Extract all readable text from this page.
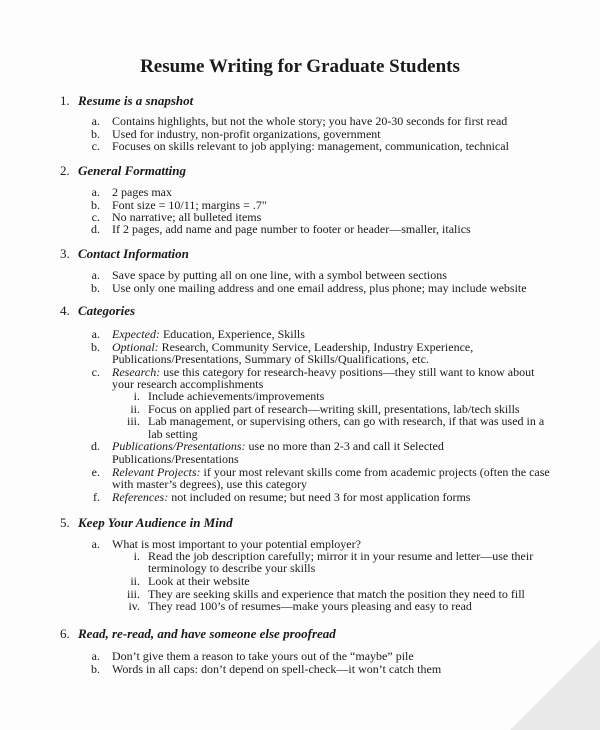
Resume Writing for Graduate Students
1. Resume is a snapshot
a. Contains highlights, but not the whole story; you have 20-30 seconds for first read
b. Used for industry, non-profit organizations, government
c. Focuses on skills relevant to job applying: management, communication, technical
2. General Formatting
a. 2 pages max
b. Font size = 10/11; margins = .7"
c. No narrative; all bulleted items
d. If 2 pages, add name and page number to footer or header—smaller, italics
3. Contact Information
a. Save space by putting all on one line, with a symbol between sections
b. Use only one mailing address and one email address, plus phone; may include website
4. Categories
a. Expected: Education, Experience, Skills
b. Optional: Research, Community Service, Leadership, Industry Experience,
Publications/Presentations, Summary of Skills/Qualifications, etc.
c. Research: use this category for research-heavy positions—they still want to know about
your research accomplishments
i. Include achievements/improvements
ii. Focus on applied part of research—writing skill, presentations, lab/tech skills
iii. Lab management, or supervising others, can go with research, if that was used in a
lab setting
d. Publications/Presentations: use no more than 2-3 and call it Selected
Publications/Presentations
e. Relevant Projects: if your most relevant skills come from academic projects (often the case
with master’s degrees), use this category
f. References: not included on resume; but need 3 for most application forms
5. Keep Your Audience in Mind
a. What is most important to your potential employer?
i. Read the job description carefully; mirror it in your resume and letter—use their
terminology to describe your skills
ii. Look at their website
iii. They are seeking skills and experience that match the position they need to fill
iv. They read 100’s of resumes—make yours pleasing and easy to read
6. Read, re-read, and have someone else proofread
a. Don’t give them a reason to take yours out of the “maybe” pile
b. Words in all caps: don’t depend on spell-check—it won’t catch them
